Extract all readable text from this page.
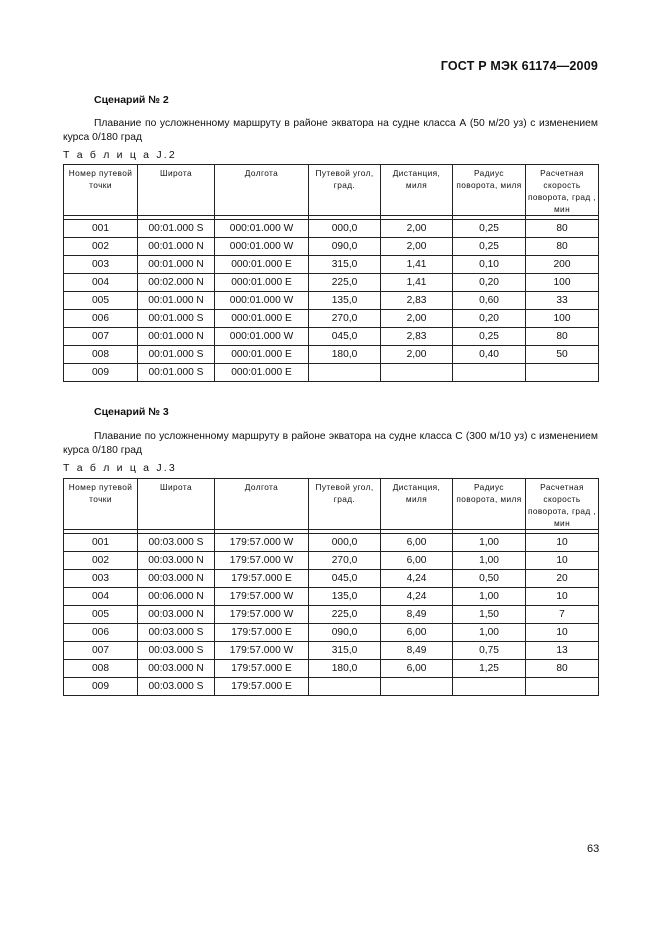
ГОСТ Р МЭК 61174—2009
Сценарий № 2
Плавание по усложненному маршруту в районе экватора на судне класса А (50 м/20 уз) с изменением курса 0/180 град
Т а б л и ц а J.2
Номер путевой точки	Широта	Долгота	Путевой угол, град.	Дистанция, миля	Радиус поворота, миля	Расчетная скорость поворота, град , мин

001	00:01.000 S	000:01.000 W	000,0	2,00	0,25	80
002	00:01.000 N	000:01.000 W	090,0	2,00	0,25	80
003	00:01.000 N	000:01.000 E	315,0	1,41	0,10	200
004	00:02.000 N	000:01.000 E	225,0	1,41	0,20	100
005	00:01.000 N	000:01.000 W	135,0	2,83	0,60	33
006	00:01.000 S	000:01.000 E	270,0	2,00	0,20	100
007	00:01.000 N	000:01.000 W	045,0	2,83	0,25	80
008	00:01.000 S	000:01.000 E	180,0	2,00	0,40	50
009	00:01.000 S	000:01.000 E				
Сценарий № 3
Плавание по усложненному маршруту в районе экватора на судне класса С (300 м/10 уз) с изменением курса 0/180 град
Т а б л и ц а J.3
Номер путевой точки	Широта	Долгота	Путевой угол, град.	Дистанция, миля	Радиус поворота, миля	Расчетная скорость поворота, град , мин

001	00:03.000 S	179:57.000 W	000,0	6,00	1,00	10
002	00:03.000 N	179:57.000 W	270,0	6,00	1,00	10
003	00:03.000 N	179:57.000 E	045,0	4,24	0,50	20
004	00:06.000 N	179:57.000 W	135,0	4,24	1,00	10
005	00:03.000 N	179:57.000 W	225,0	8,49	1,50	7
006	00:03.000 S	179:57.000 E	090,0	6,00	1,00	10
007	00:03.000 S	179:57.000 W	315,0	8,49	0,75	13
008	00:03.000 N	179:57.000 E	180,0	6,00	1,25	80
009	00:03.000 S	179:57.000 E				
63
